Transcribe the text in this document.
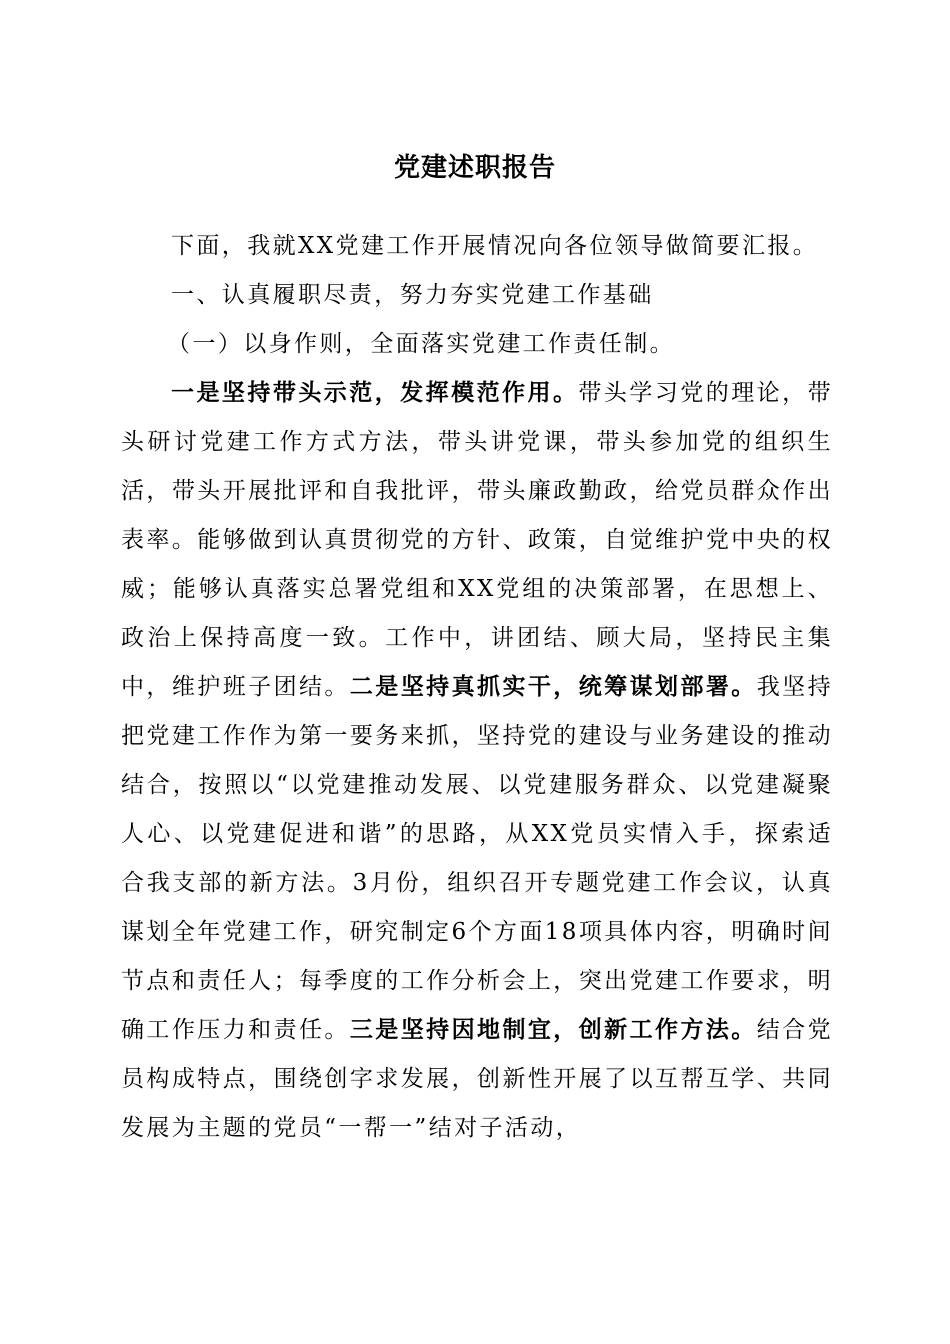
党建述职报告

下面，我就XX党建工作开展情况向各位领导做简要汇报。

一、认真履职尽责，努力夯实党建工作基础

（一）以身作则，全面落实党建工作责任制。

一是坚持带头示范，发挥模范作用。带头学习党的理论，带头研讨党建工作方式方法，带头讲党课，带头参加党的组织生活，带头开展批评和自我批评，带头廉政勤政，给党员群众作出表率。能够做到认真贯彻党的方针、政策，自觉维护党中央的权威；能够认真落实总署党组和XX党组的决策部署，在思想上、政治上保持高度一致。工作中，讲团结、顾大局，坚持民主集中，维护班子团结。二是坚持真抓实干，统筹谋划部署。我坚持把党建工作作为第一要务来抓，坚持党的建设与业务建设的推动结合，按照以“以党建推动发展、以党建服务群众、以党建凝聚人心、以党建促进和谐”的思路，从XX党员实情入手，探索适合我支部的新方法。3月份，组织召开专题党建工作会议，认真谋划全年党建工作，研究制定6个方面18项具体内容，明确时间节点和责任人；每季度的工作分析会上，突出党建工作要求，明确工作压力和责任。三是坚持因地制宜，创新工作方法。结合党员构成特点，围绕创字求发展，创新性开展了以互帮互学、共同发展为主题的党员“一帮一”结对子活动，
